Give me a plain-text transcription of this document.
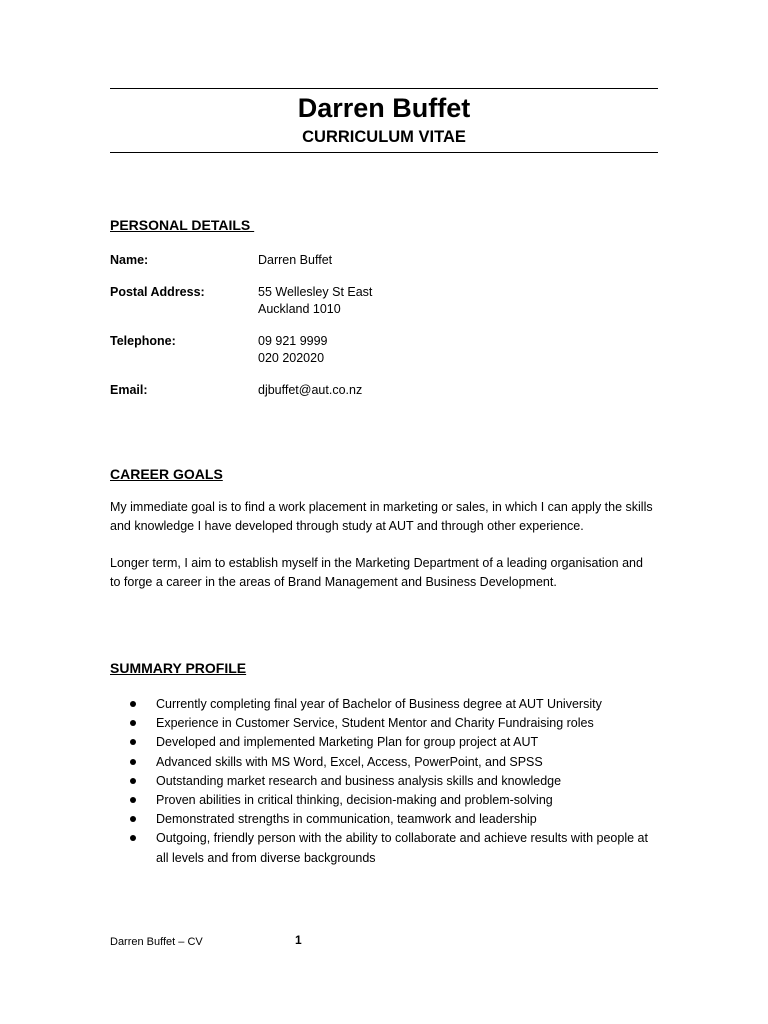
Darren Buffet
CURRICULUM VITAE
PERSONAL DETAILS
Name:	Darren Buffet
Postal Address:	55 Wellesley St East
Auckland 1010
Telephone:	09 921 9999
020 202020
Email:	djbuffet@aut.co.nz
CAREER GOALS
My immediate goal is to find a work placement in marketing or sales, in which I can apply the skills and knowledge I have developed through study at AUT and through other experience.
Longer term, I aim to establish myself in the Marketing Department of a leading organisation and to forge a career in the areas of Brand Management and Business Development.
SUMMARY PROFILE
Currently completing final year of Bachelor of Business degree at AUT University
Experience in Customer Service, Student Mentor and Charity Fundraising roles
Developed and implemented Marketing Plan for group project at AUT
Advanced skills with MS Word, Excel, Access, PowerPoint, and SPSS
Outstanding market research and business analysis skills and knowledge
Proven abilities in critical thinking, decision-making and problem-solving
Demonstrated strengths in communication, teamwork and leadership
Outgoing, friendly person with the ability to collaborate and achieve results with people at all levels and from diverse backgrounds
Darren Buffet – CV	1
